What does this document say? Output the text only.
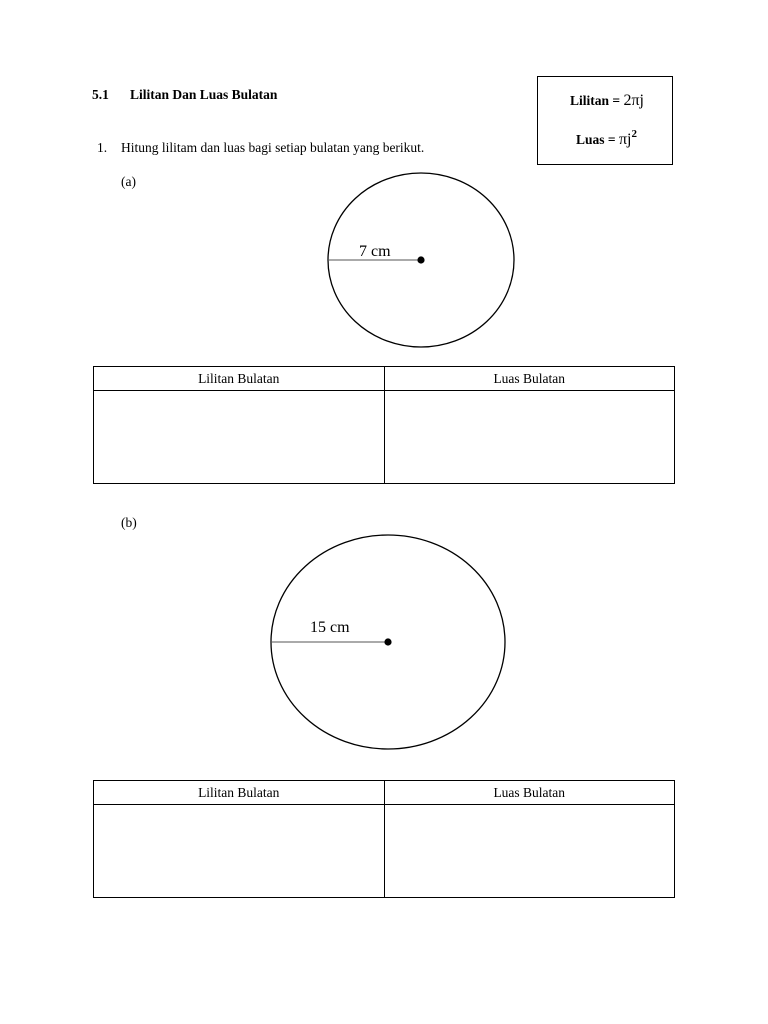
5.1 Lilitan Dan Luas Bulatan	Lilitan = 2πj
Luas = $\pi j^2$
1. Hitung lilitam dan luas bagi setiap bulatan yang berikut.
(a)
(b)
7 cm
15 cm
Lilitan Bulatan	Luas Bulatan

Lilitan Bulatan	Luas Bulatan
